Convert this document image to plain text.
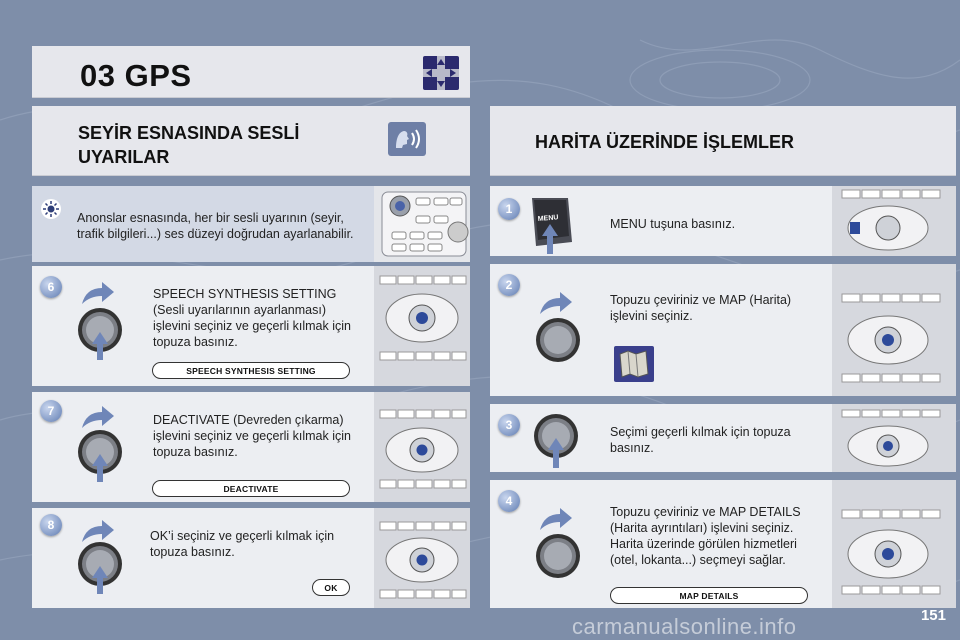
03 GPS
SEYİR ESNASINDA SESLİ
UYARILAR
HARİTA ÜZERİNDE İŞLEMLER
Anonslar esnasında, her bir sesli uyarının (seyir, trafik bilgileri...) ses düzeyi doğrudan ayarlanabilir.
6	SPEECH SYNTHESIS SETTING (Sesli uyarılarının ayarlanması) işlevini seçiniz ve geçerli kılmak için topuza basınız.
SPEECH SYNTHESIS SETTING
7
DEACTIVATE (Devreden çıkarma) işlevini seçiniz ve geçerli kılmak için topuza basınız.
DEACTIVATE
8
OK’i seçiniz ve geçerli kılmak için topuza basınız.
OK
1
MENU	MENU tuşuna basınız.
2
Topuzu çeviriniz ve MAP (Harita) işlevini seçiniz.
3	Seçimi geçerli kılmak için topuza basınız.
4
Topuzu çeviriniz ve MAP DETAILS (Harita ayrıntıları) işlevini seçiniz. Harita üzerinde görülen hizmetleri (otel, lokanta...) seçmeyi sağlar.
MAP DETAILS
151
carmanualsonline.info
